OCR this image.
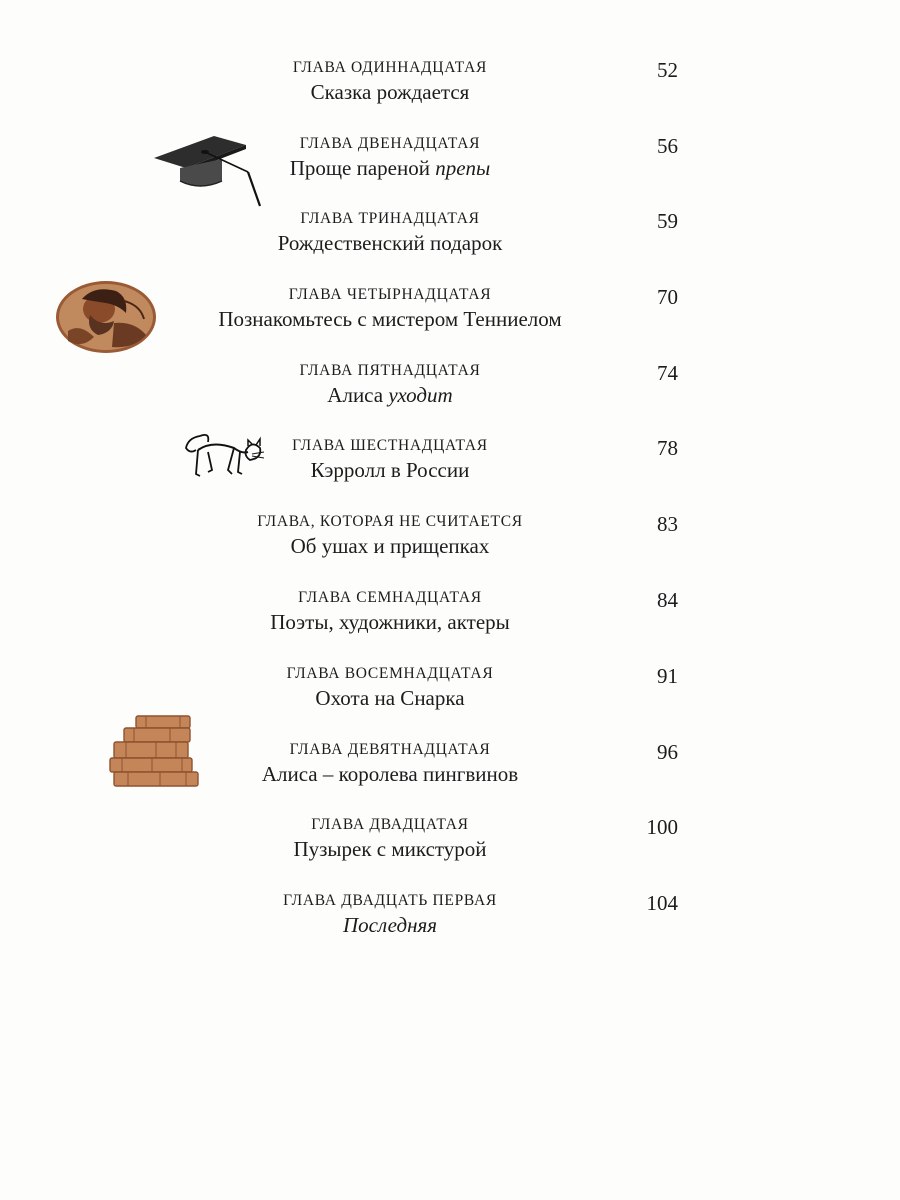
ГЛАВА ОДИННАДЦАТАЯ
Сказка рождается
52
ГЛАВА ДВЕНАДЦАТАЯ
Проще пареной препы
56
ГЛАВА ТРИНАДЦАТАЯ
Рождественский подарок
59
ГЛАВА ЧЕТЫРНАДЦАТАЯ
Познакомьтесь с мистером Тенниелом
70
ГЛАВА ПЯТНАДЦАТАЯ
Алиса уходит
74
ГЛАВА ШЕСТНАДЦАТАЯ
Кэрролл в России
78
ГЛАВА, КОТОРАЯ НЕ СЧИТАЕТСЯ
Об ушах и прищепках
83
ГЛАВА СЕМНАДЦАТАЯ
Поэты, художники, актеры
84
ГЛАВА ВОСЕМНАДЦАТАЯ
Охота на Снарка
91
ГЛАВА ДЕВЯТНАДЦАТАЯ
Алиса – королева пингвинов
96
ГЛАВА ДВАДЦАТАЯ
Пузырек с микстурой
100
ГЛАВА ДВАДЦАТЬ ПЕРВАЯ
Последняя
104
